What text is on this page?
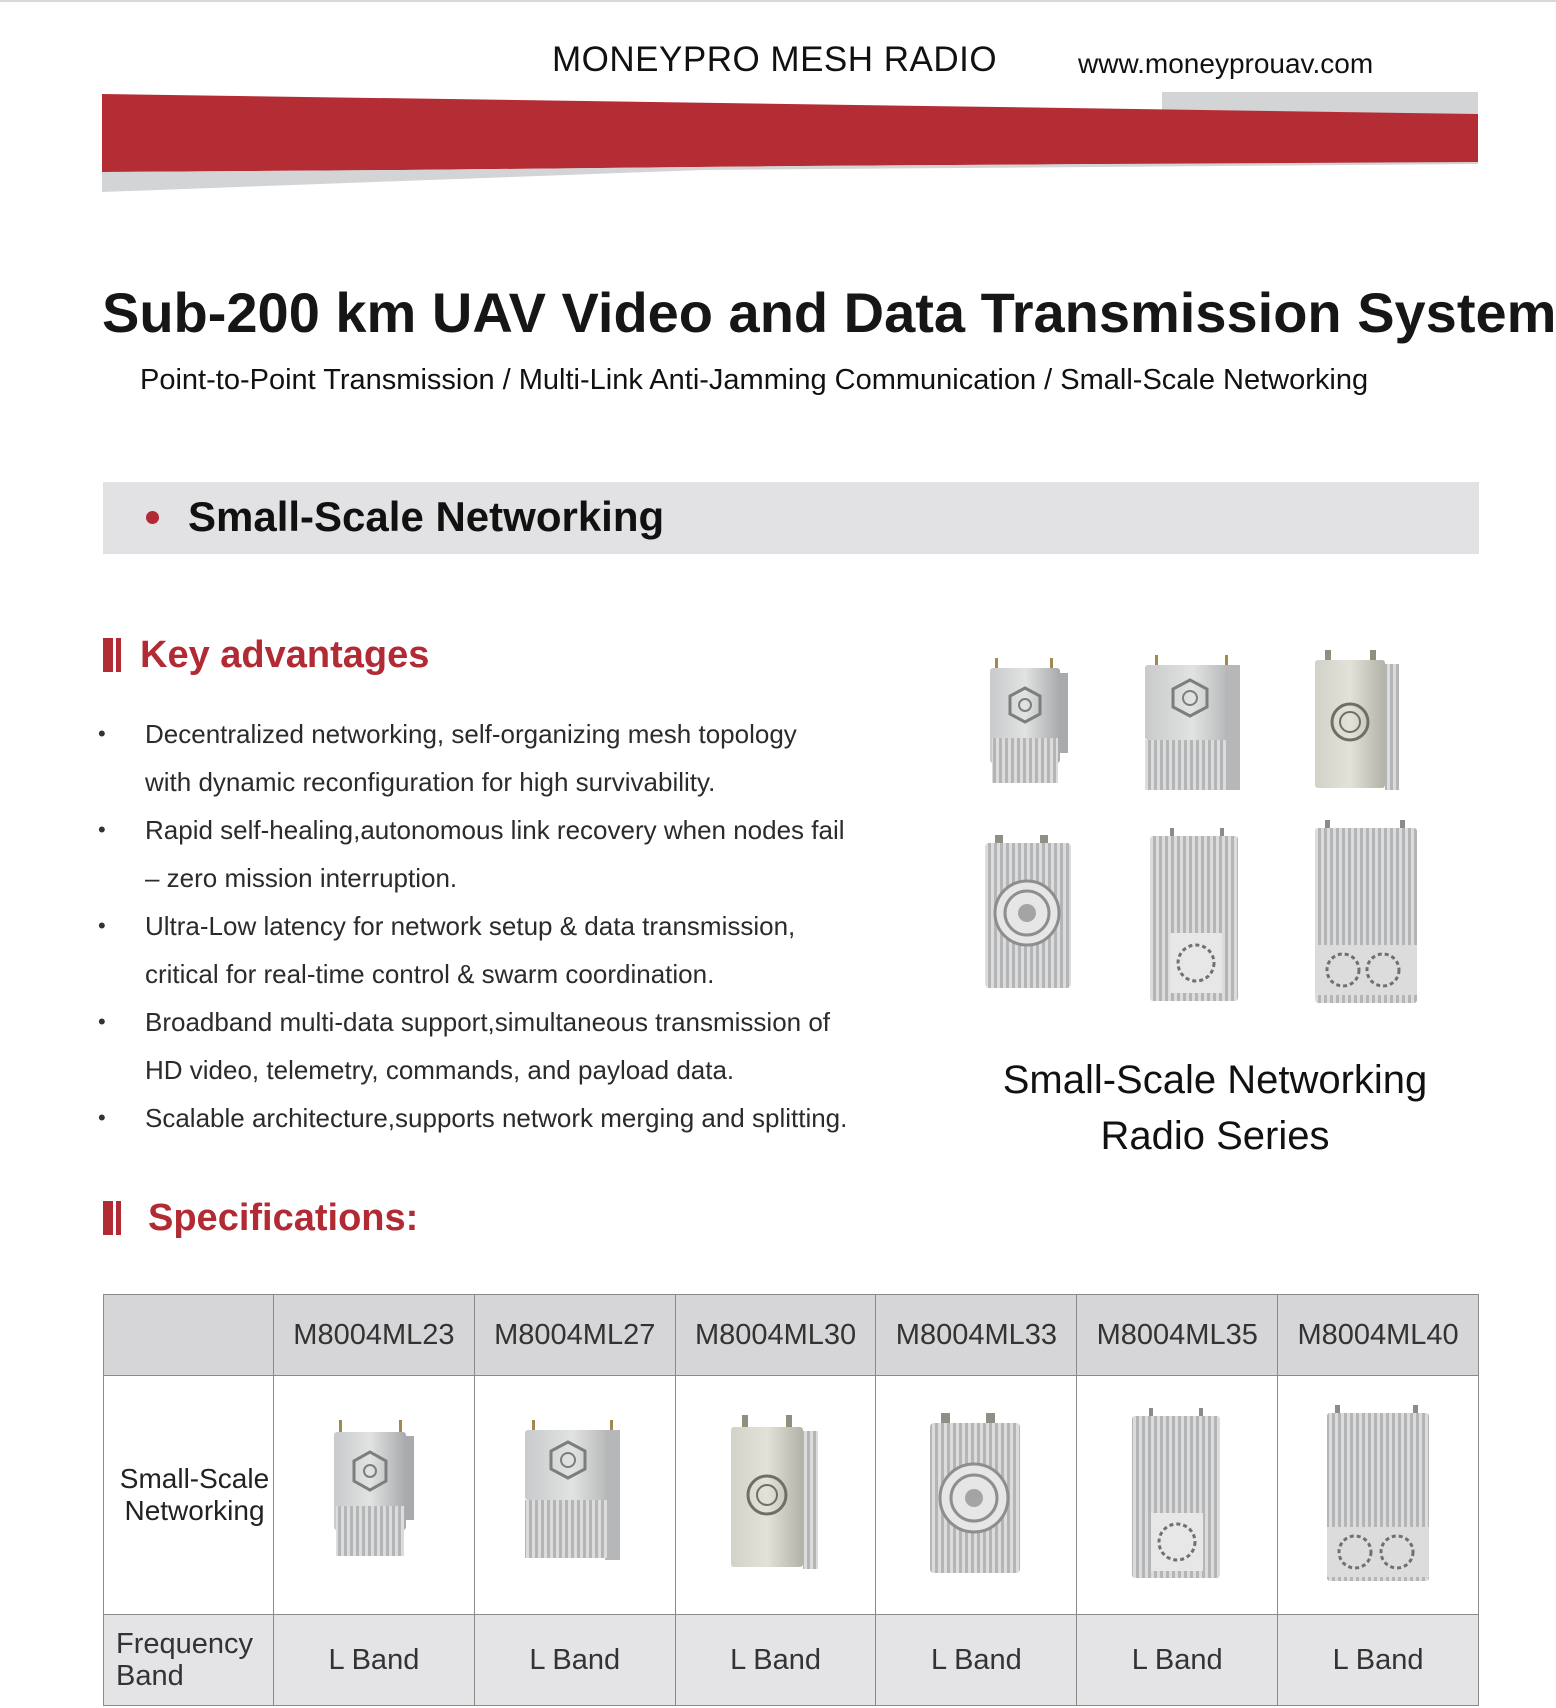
MONEYPRO MESH RADIO	www.moneyprouav.com
Sub-200 km UAV Video and Data Transmission System
Point-to-Point Transmission / Multi-Link Anti-Jamming Communication / Small-Scale Networking
Small-Scale Networking
Key advantages
• Decentralized networking, self-organizing mesh topology
with dynamic reconfiguration for high survivability.
• Rapid self-healing,autonomous link recovery when nodes fail
– zero mission interruption.
• Ultra-Low latency for network setup & data transmission,
critical for real-time control & swarm coordination.
• Broadband multi-data support,simultaneous transmission of
HD video, telemetry, commands, and payload data.
• Scalable architecture,supports network merging and splitting.
Small-Scale Networking
Radio Series
Specifications:
	M8004ML23	M8004ML27	M8004ML30	M8004ML33	M8004ML35	M8004ML40
Small-Scale
Networking	

Frequency
Band	L Band	L Band	L Band	L Band	L Band	L Band
